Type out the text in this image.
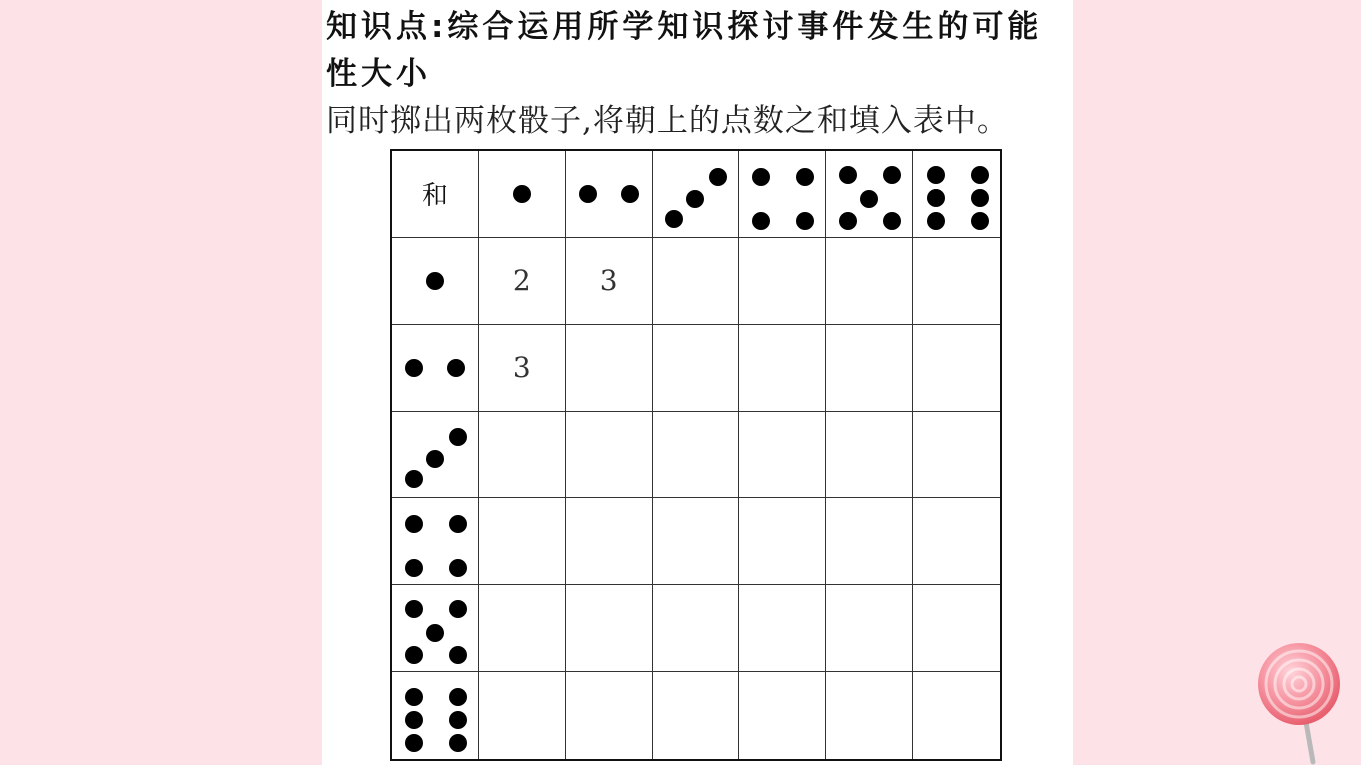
知识点:综合运用所学知识探讨事件发生的可能性大小

同时掷出两枚骰子,将朝上的点数之和填入表中。

和
2 3
3
